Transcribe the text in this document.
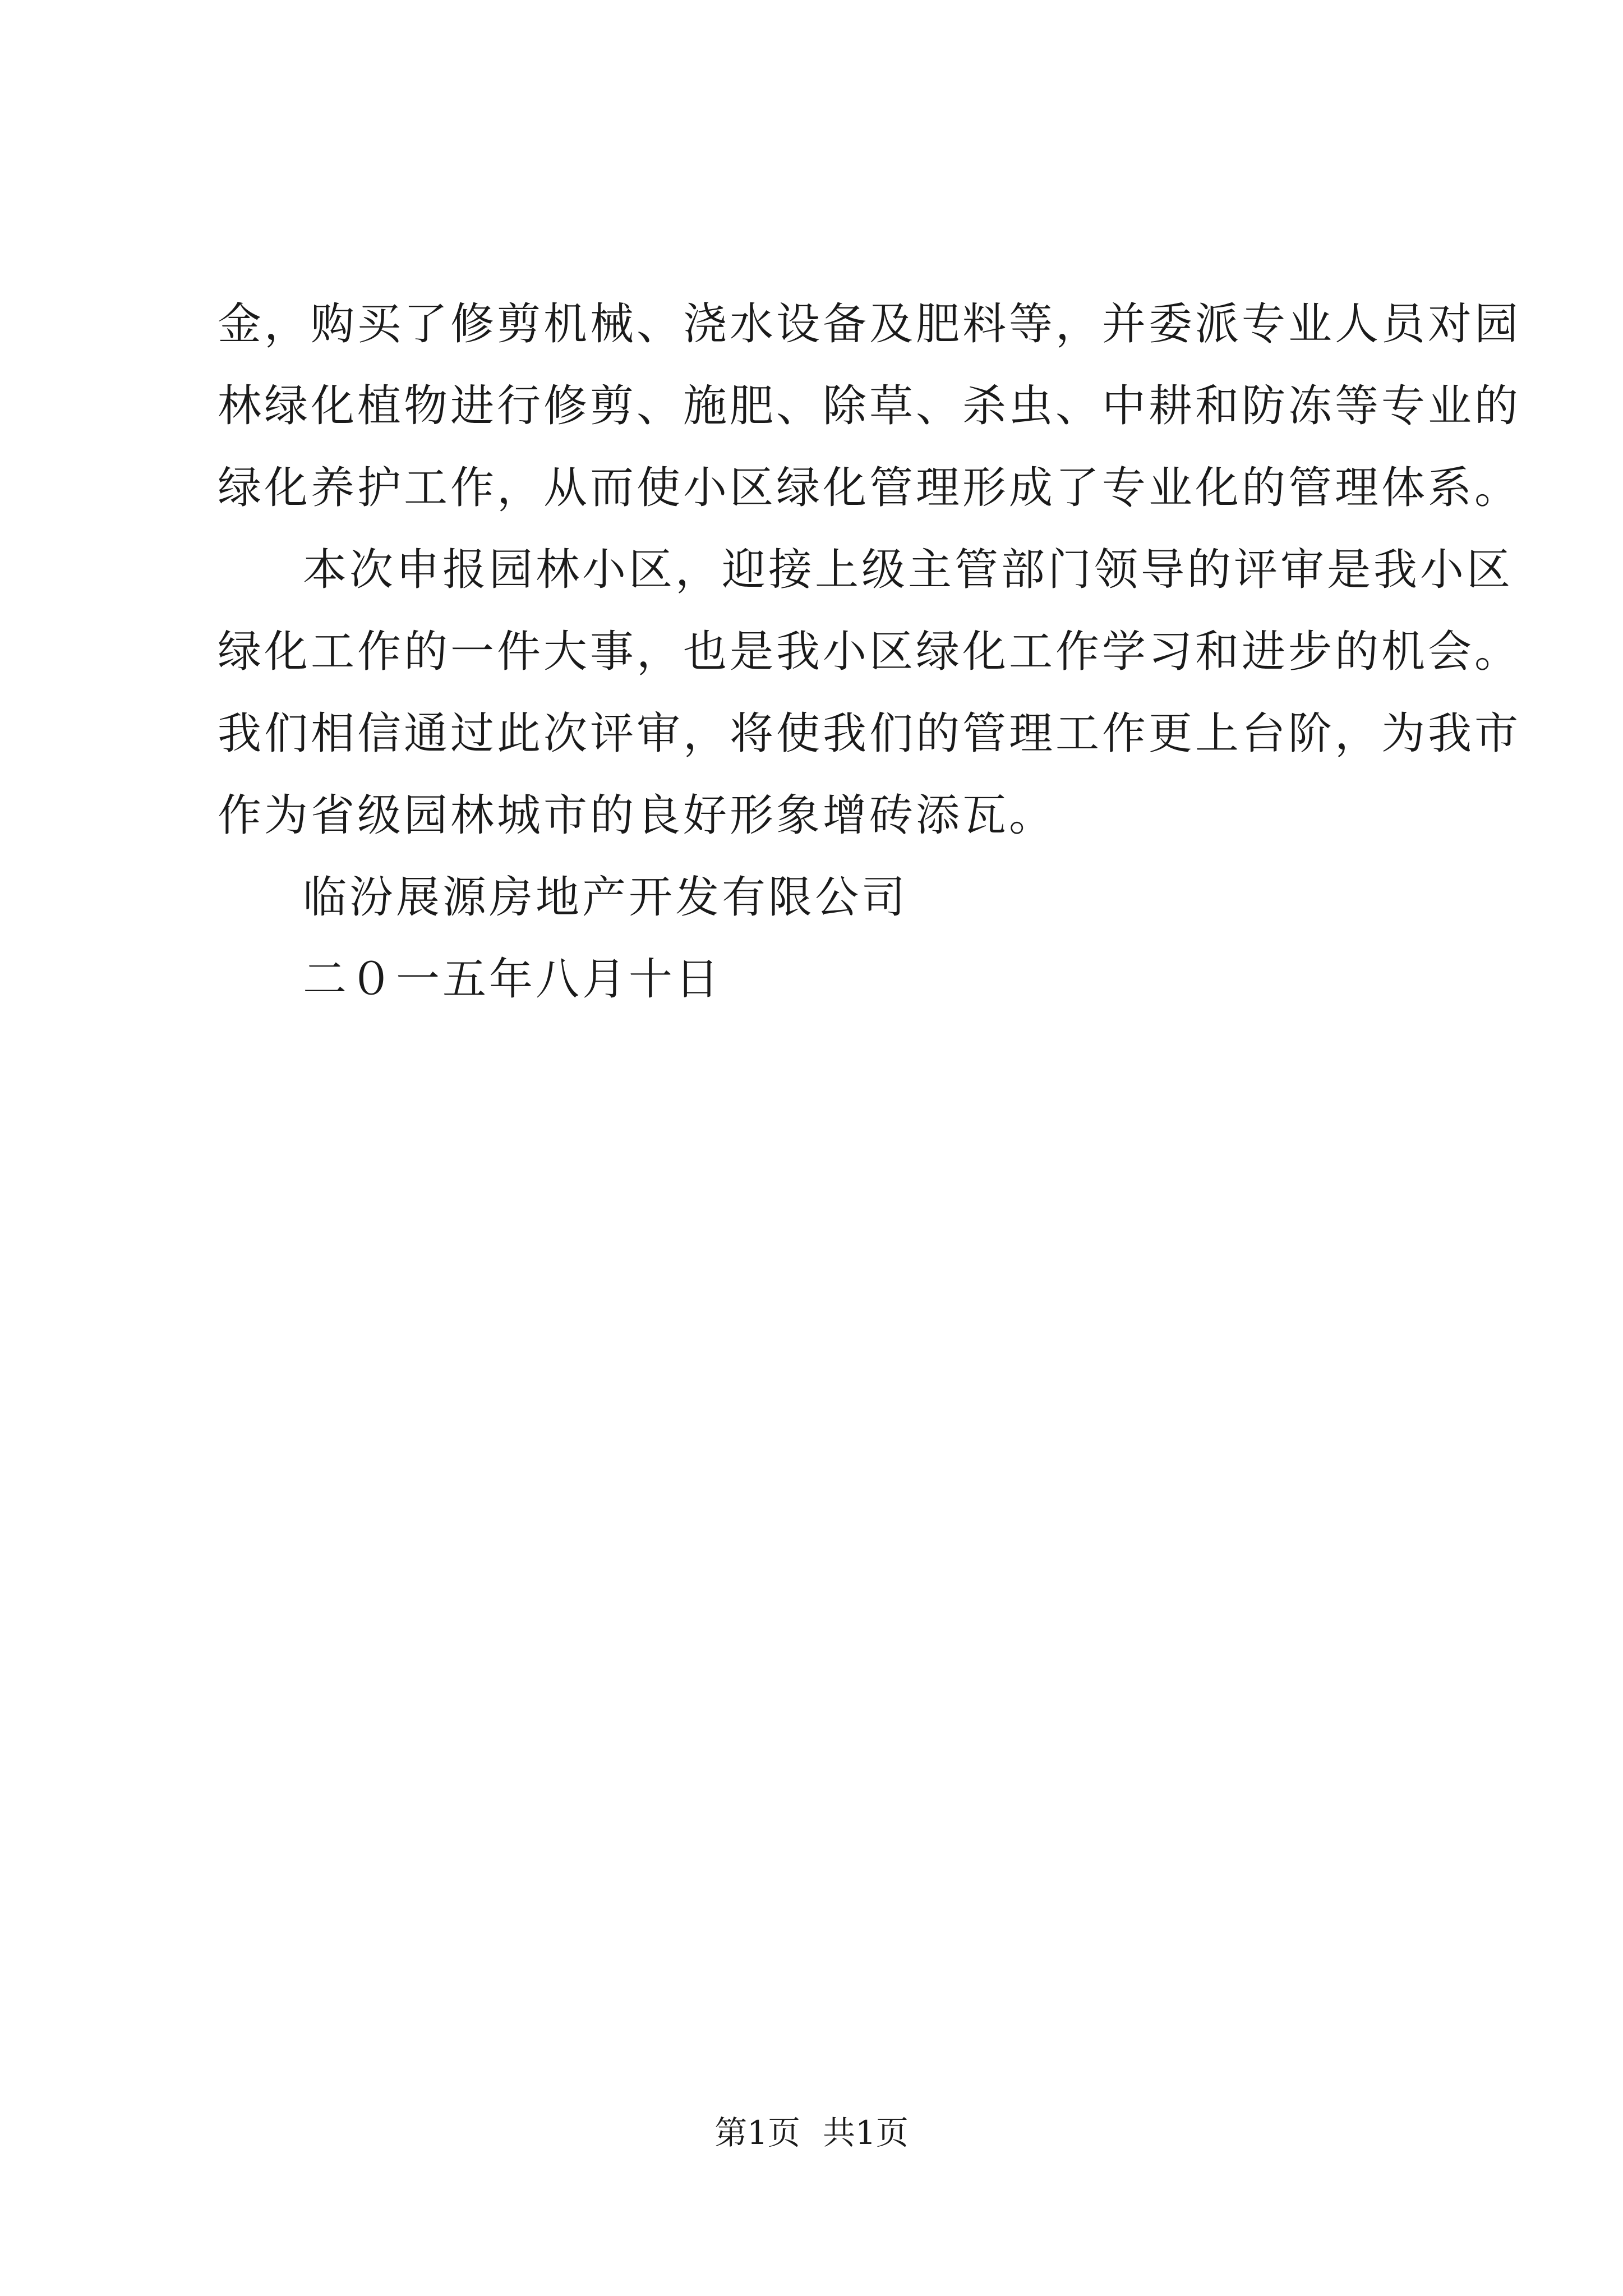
金，购买了修剪机械、浇水设备及肥料等，并委派专业人员对园

林绿化植物进行修剪、施肥、除草、杀虫、中耕和防冻等专业的

绿化养护工作，从而使小区绿化管理形成了专业化的管理体系。

本次申报园林小区，迎接上级主管部门领导的评审是我小区

绿化工作的一件大事，也是我小区绿化工作学习和进步的机会。

我们相信通过此次评审，将使我们的管理工作更上台阶，为我市

作为省级园林城市的良好形象增砖添瓦。

临汾展源房地产开发有限公司

二０一五年八月十日

第1页 共1页
